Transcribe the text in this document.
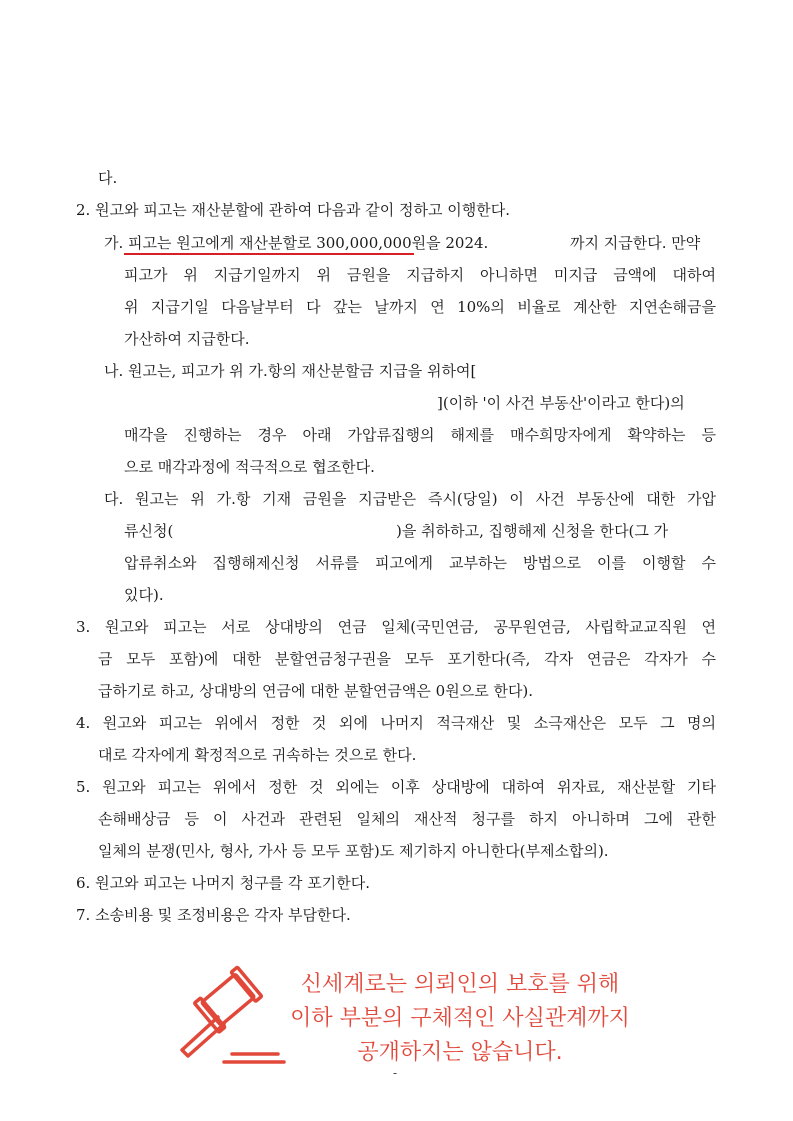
다.
2. 원고와 피고는 재산분할에 관하여 다음과 같이 정하고 이행한다.
가. 피고는 원고에게 재산분할로 300,000,000원을 2024.	까지 지급한다. 만약
피고가 위 지급기일까지 위 금원을 지급하지 아니하면 미지급 금액에 대하여
위 지급기일 다음날부터 다 갚는 날까지 연 10%의 비율로 계산한 지연손해금을
가산하여 지급한다.
나. 원고는, 피고가 위 가.항의 재산분할금 지급을 위하여[
](이하 '이 사건 부동산'이라고 한다)의
매각을 진행하는 경우 아래 가압류집행의 해제를 매수희망자에게 확약하는 등
으로 매각과정에 적극적으로 협조한다.
다. 원고는 위 가.항 기재 금원을 지급받은 즉시(당일) 이 사건 부동산에 대한 가압
류신청(	)을 취하하고, 집행해제 신청을 한다(그 가
압류취소와 집행해제신청 서류를 피고에게 교부하는 방법으로 이를 이행할 수
있다).
3. 원고와 피고는 서로 상대방의 연금 일체(국민연금, 공무원연금, 사립학교교직원 연
금 모두 포함)에 대한 분할연금청구권을 모두 포기한다(즉, 각자 연금은 각자가 수
급하기로 하고, 상대방의 연금에 대한 분할연금액은 0원으로 한다).
4. 원고와 피고는 위에서 정한 것 외에 나머지 적극재산 및 소극재산은 모두 그 명의
대로 각자에게 확정적으로 귀속하는 것으로 한다.
5. 원고와 피고는 위에서 정한 것 외에는 이후 상대방에 대하여 위자료, 재산분할 기타
손해배상금 등 이 사건과 관련된 일체의 재산적 청구를 하지 아니하며 그에 관한
일체의 분쟁(민사, 형사, 가사 등 모두 포함)도 제기하지 아니한다(부제소합의).
6. 원고와 피고는 나머지 청구를 각 포기한다.
7. 소송비용 및 조정비용은 각자 부담한다.
신세계로는 의뢰인의 보호를 위해
이하 부분의 구체적인 사실관계까지
공개하지는 않습니다.
-
